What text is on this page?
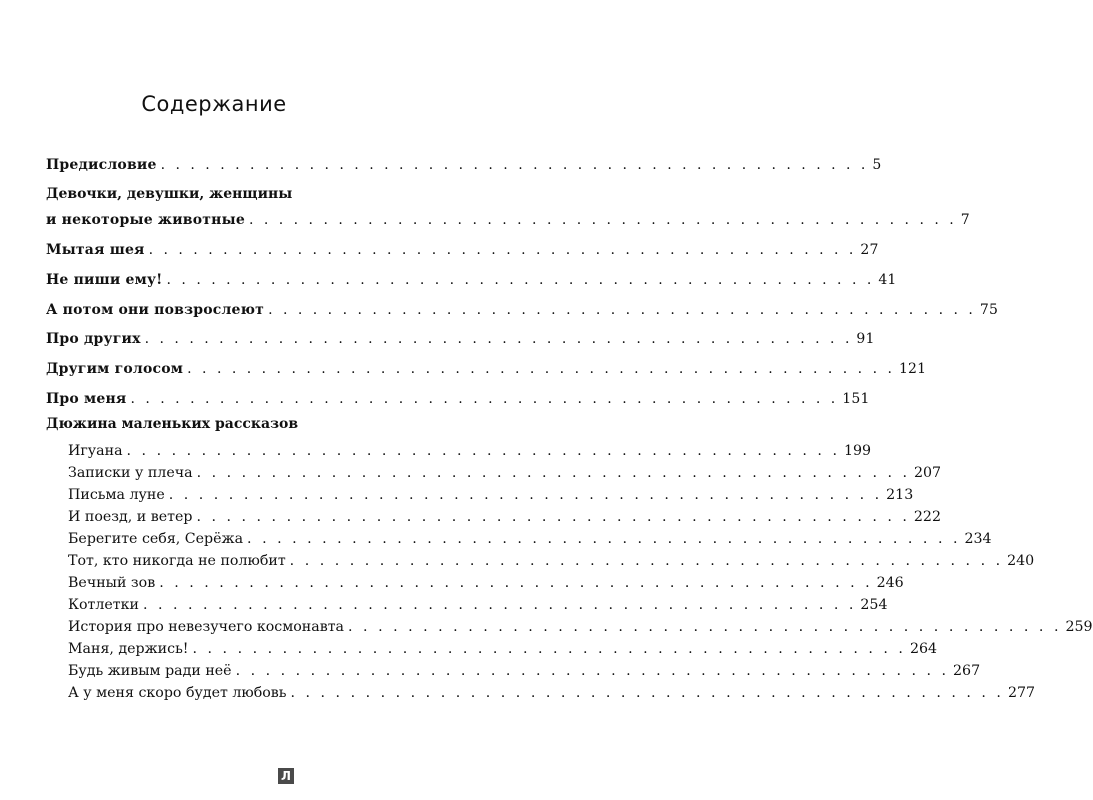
Содержание
Предисловие . . . . . . . . . . . . . . . . . . . . . . . . . . . . . . . . . . . . . . . . . . . . . . . . 5
Девочки, девушки, женщины
и некоторые животные . . . . . . . . . . . . . . . . . . . . . . . . . . . . . . . . . . . . . . . . . . . . . . . . 7
Мытая шея . . . . . . . . . . . . . . . . . . . . . . . . . . . . . . . . . . . . . . . . . . . . . . . . 27
Не пиши ему! . . . . . . . . . . . . . . . . . . . . . . . . . . . . . . . . . . . . . . . . . . . . . . . . 41
А потом они повзрослеют . . . . . . . . . . . . . . . . . . . . . . . . . . . . . . . . . . . . . . . . . . . . . . . . 75
Про других . . . . . . . . . . . . . . . . . . . . . . . . . . . . . . . . . . . . . . . . . . . . . . . . 91
Другим голосом . . . . . . . . . . . . . . . . . . . . . . . . . . . . . . . . . . . . . . . . . . . . . . . . 121
Про меня . . . . . . . . . . . . . . . . . . . . . . . . . . . . . . . . . . . . . . . . . . . . . . . . 151
Дюжина маленьких рассказов
Игуана . . . . . . . . . . . . . . . . . . . . . . . . . . . . . . . . . . . . . . . . . . . . . . . . 199
Записки у плеча . . . . . . . . . . . . . . . . . . . . . . . . . . . . . . . . . . . . . . . . . . . . . . . . 207
Письма луне . . . . . . . . . . . . . . . . . . . . . . . . . . . . . . . . . . . . . . . . . . . . . . . . 213
И поезд, и ветер . . . . . . . . . . . . . . . . . . . . . . . . . . . . . . . . . . . . . . . . . . . . . . . . 222
Берегите себя, Серёжа . . . . . . . . . . . . . . . . . . . . . . . . . . . . . . . . . . . . . . . . . . . . . . . . 234
Тот, кто никогда не полюбит . . . . . . . . . . . . . . . . . . . . . . . . . . . . . . . . . . . . . . . . . . . . . . . . 240
Вечный зов . . . . . . . . . . . . . . . . . . . . . . . . . . . . . . . . . . . . . . . . . . . . . . . . 246
Котлетки . . . . . . . . . . . . . . . . . . . . . . . . . . . . . . . . . . . . . . . . . . . . . . . . 254
История про невезучего космонавта . . . . . . . . . . . . . . . . . . . . . . . . . . . . . . . . . . . . . . . . . . . . . . . . 259
Маня, держись! . . . . . . . . . . . . . . . . . . . . . . . . . . . . . . . . . . . . . . . . . . . . . . . . 264
Будь живым ради неё . . . . . . . . . . . . . . . . . . . . . . . . . . . . . . . . . . . . . . . . . . . . . . . . 267
А у меня скоро будет любовь . . . . . . . . . . . . . . . . . . . . . . . . . . . . . . . . . . . . . . . . . . . . . . . . 277
Л
